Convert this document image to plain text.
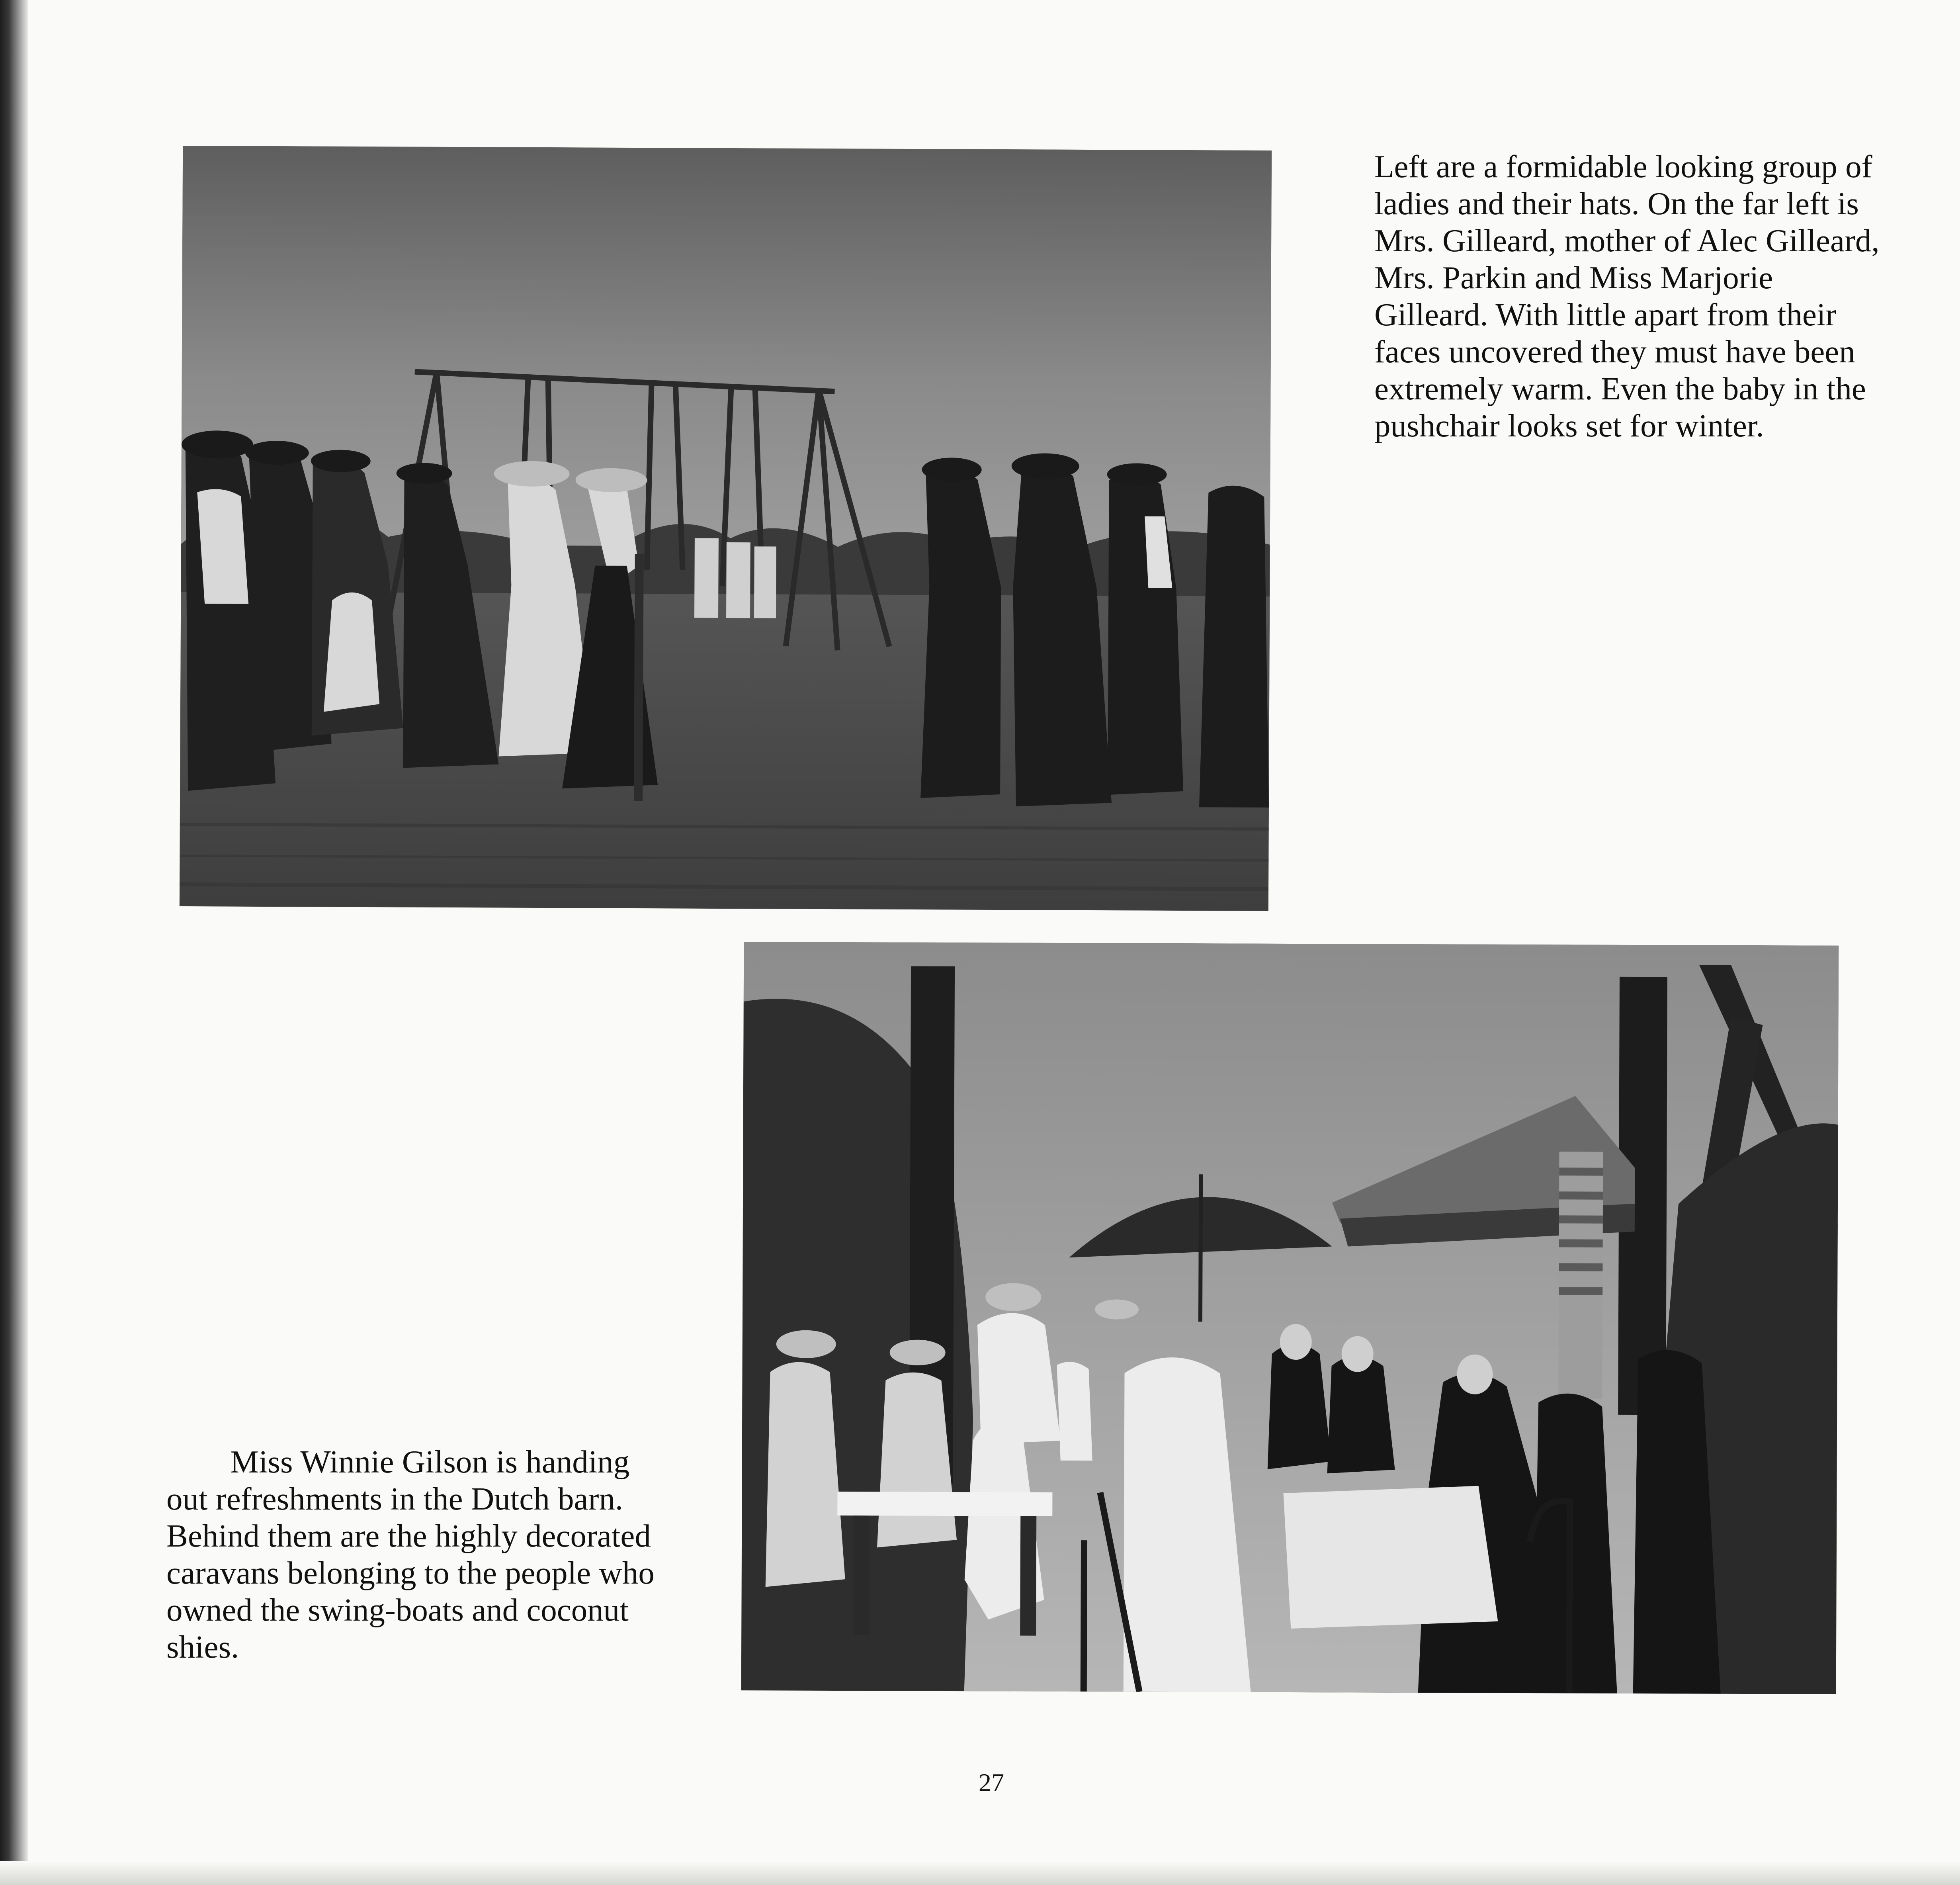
Left are a formidable looking group of ladies and their hats. On the far left is Mrs. Gilleard, mother of Alec Gilleard, Mrs. Parkin and Miss Marjorie Gilleard. With little apart from their faces uncovered they must have been extremely warm. Even the baby in the pushchair looks set for winter.

Miss Winnie Gilson is handing out refreshments in the Dutch barn. Behind them are the highly decorated caravans belonging to the people who owned the swing-boats and coconut shies.

27
